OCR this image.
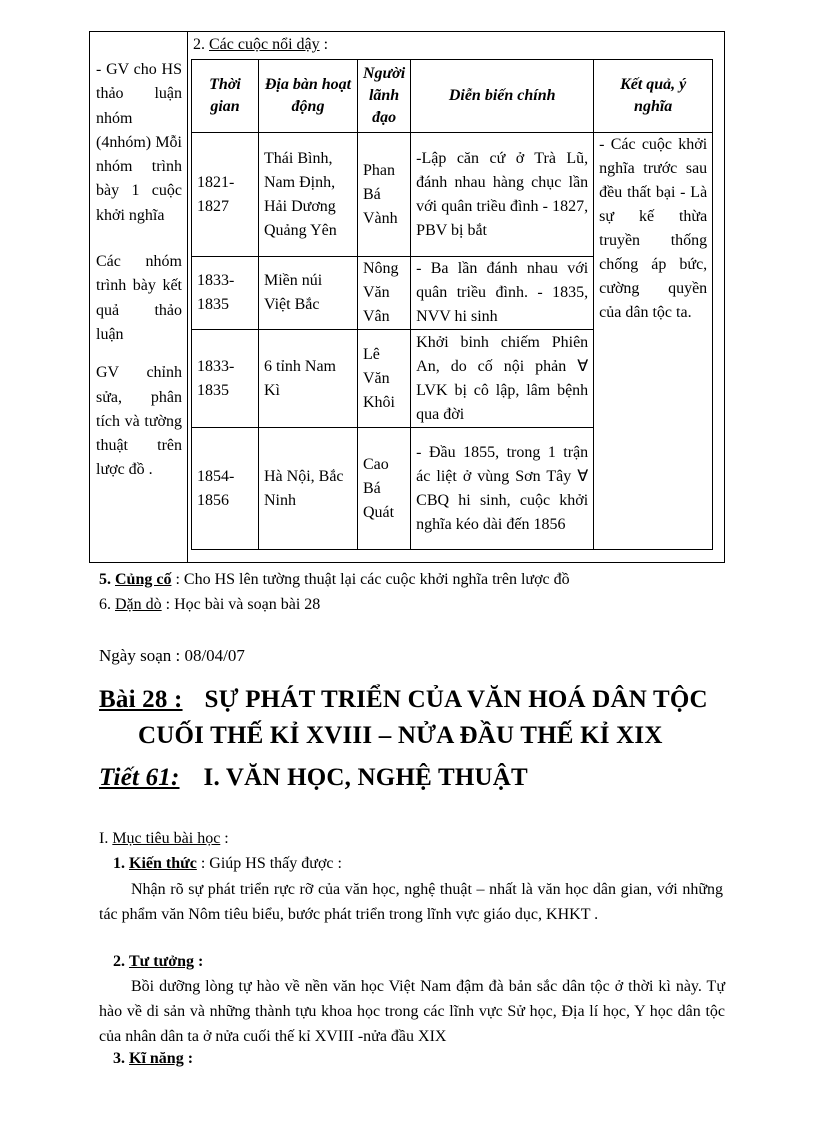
- GV cho HS thảo luận nhóm (4nhóm) Mỗi nhóm trình bày 1 cuộc khởi nghĩa

Các nhóm trình bày kết quả thảo luận

GV chỉnh sửa, phân tích và tường thuật trên lược đồ .

2. Các cuộc nổi dậy :
Thời gian	Địa bàn hoạt động	Người lãnh đạo	Diễn biến chính	Kết quả, ý nghĩa
1821-1827	Thái Bình, Nam Định, Hải Dương Quảng Yên	Phan Bá Vành	-Lập căn cứ ở Trà Lũ, đánh nhau hàng chục lần với quân triều đình - 1827, PBV bị bắt	- Các cuộc khởi nghĩa trước sau đều thất bại - Là sự kế thừa truyền thống chống áp bức, cường quyền của dân tộc ta.
1833-1835	Miền núi Việt Bắc	Nông Văn Vân	- Ba lần đánh nhau với quân triều đình. - 1835, NVV hi sinh	
1833-1835	6 tỉnh Nam Kì	Lê Văn Khôi	Khởi binh chiếm Phiên An, do cố nội phản ∀ LVK bị cô lập, lâm bệnh qua đời	
1854-1856	Hà Nội, Bắc Ninh	Cao Bá Quát	- Đầu 1855, trong 1 trận ác liệt ở vùng Sơn Tây ∀ CBQ hi sinh, cuộc khởi nghĩa kéo dài đến 1856	
5. Củng cố : Cho HS lên tường thuật lại các cuộc khởi nghĩa trên lược đồ
6. Dặn dò : Học bài và soạn bài 28
Ngày soạn : 08/04/07
Bài 28 : SỰ PHÁT TRIỂN CỦA VĂN HOÁ DÂN TỘC
CUỐI THẾ KỈ XVIII – NỬA ĐẦU THẾ KỈ XIX
Tiết 61: I. VĂN HỌC, NGHỆ THUẬT
I. Mục tiêu bài học :
1. Kiến thức : Giúp HS thấy được :
Nhận rõ sự phát triển rực rỡ của văn học, nghệ thuật – nhất là văn học dân gian, với những tác phẩm văn Nôm tiêu biểu, bước phát triển trong lĩnh vực giáo dục, KHKT .
2. Tư tưởng :
Bồi dưỡng lòng tự hào về nền văn học Việt Nam đậm đà bản sắc dân tộc ở thời kì này. Tự hào về di sản và những thành tựu khoa học trong các lĩnh vực Sử học, Địa lí học, Y học dân tộc của nhân dân ta ở nửa cuối thế kỉ XVIII -nửa đầu XIX
3. Kĩ năng :
